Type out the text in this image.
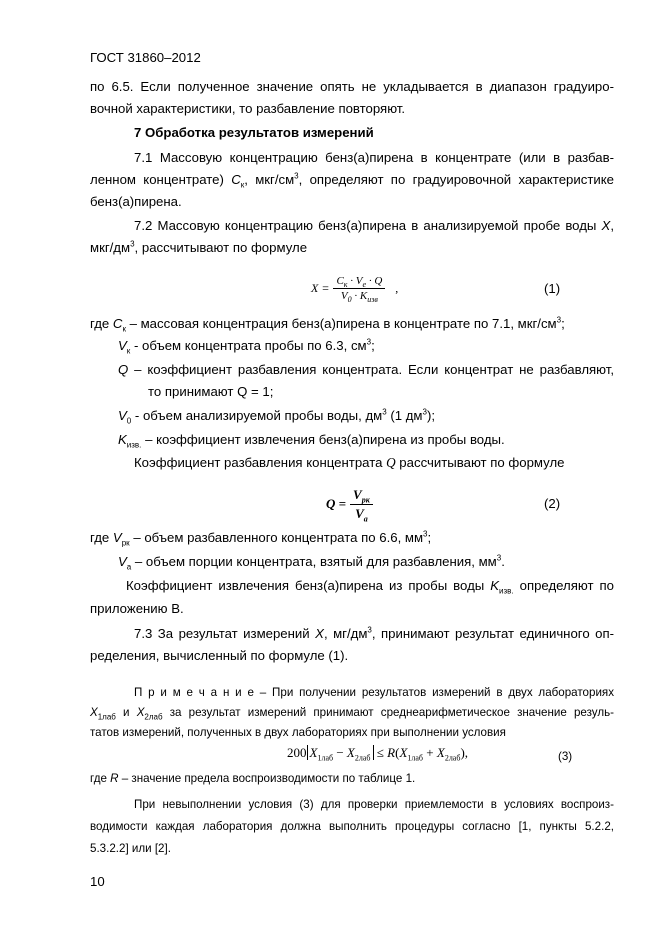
ГОСТ 31860–2012
по 6.5. Если полученное значение опять не укладывается в диапазон градуиро-
вочной характеристики, то разбавление повторяют.
7 Обработка результатов измерений
7.1 Массовую концентрацию бенз(а)пирена в концентрате (или в разбав-
ленном концентрате) $C_к$, мкг/$см^3$, определяют по градуировочной характеристике
бенз(а)пирена.
7.2 Массовую концентрацию бенз(а)пирена в анализируемой пробе воды X,
мкг/$дм^3$, рассчитывают по формуле
$X = \frac{C_к \cdot V_e \cdot Q}{V_0 \cdot K_{изв}}$ ,	(1)
где $C_к$ – массовая концентрация бенз(а)пирена в концентрате по 7.1, мкг/$см^3$;
$V_к$ - объем концентрата пробы по 6.3, $см^3$;
Q – коэффициент разбавления концентрата. Если концентрат не разбавляют,
то принимают Q = 1;
$V_0$ - объем анализируемой пробы воды, $дм^3$ (1 $дм^3$);
$K_{изв.}$ – коэффициент извлечения бенз(а)пирена из пробы воды.
Коэффициент разбавления концентрата Q рассчитывают по формуле
$Q = \frac{V_{рк}}{V_а}$	(2)
где $V_{рк}$ – объем разбавленного концентрата по 6.6, $мм^3$;
$V_а$ – объем порции концентрата, взятый для разбавления, $мм^3$.
Коэффициент извлечения бенз(а)пирена из пробы воды $K_{изв.}$ определяют по
приложению В.
7.3 За результат измерений X, $мг/дм^3$, принимают результат единичного оп-
ределения, вычисленный по формуле (1).
П р и м е ч а н и е – При получении результатов измерений в двух лабораториях
$X_{1лаб}$ и $X_{2лаб}$ за результат измерений принимают среднеарифметическое значение резуль-
татов измерений, полученных в двух лабораториях при выполнении условия
200 $X_{1лаб} - X_{2лаб} \le R(X_{1лаб} + X_{2лаб})$,	(3)
где R – значение предела воспроизводимости по таблице 1.
При невыполнении условия (3) для проверки приемлемости в условиях воспроиз-
водимости каждая лаборатория должна выполнить процедуры согласно [1, пункты 5.2.2,
5.3.2.2] или [2].
10
